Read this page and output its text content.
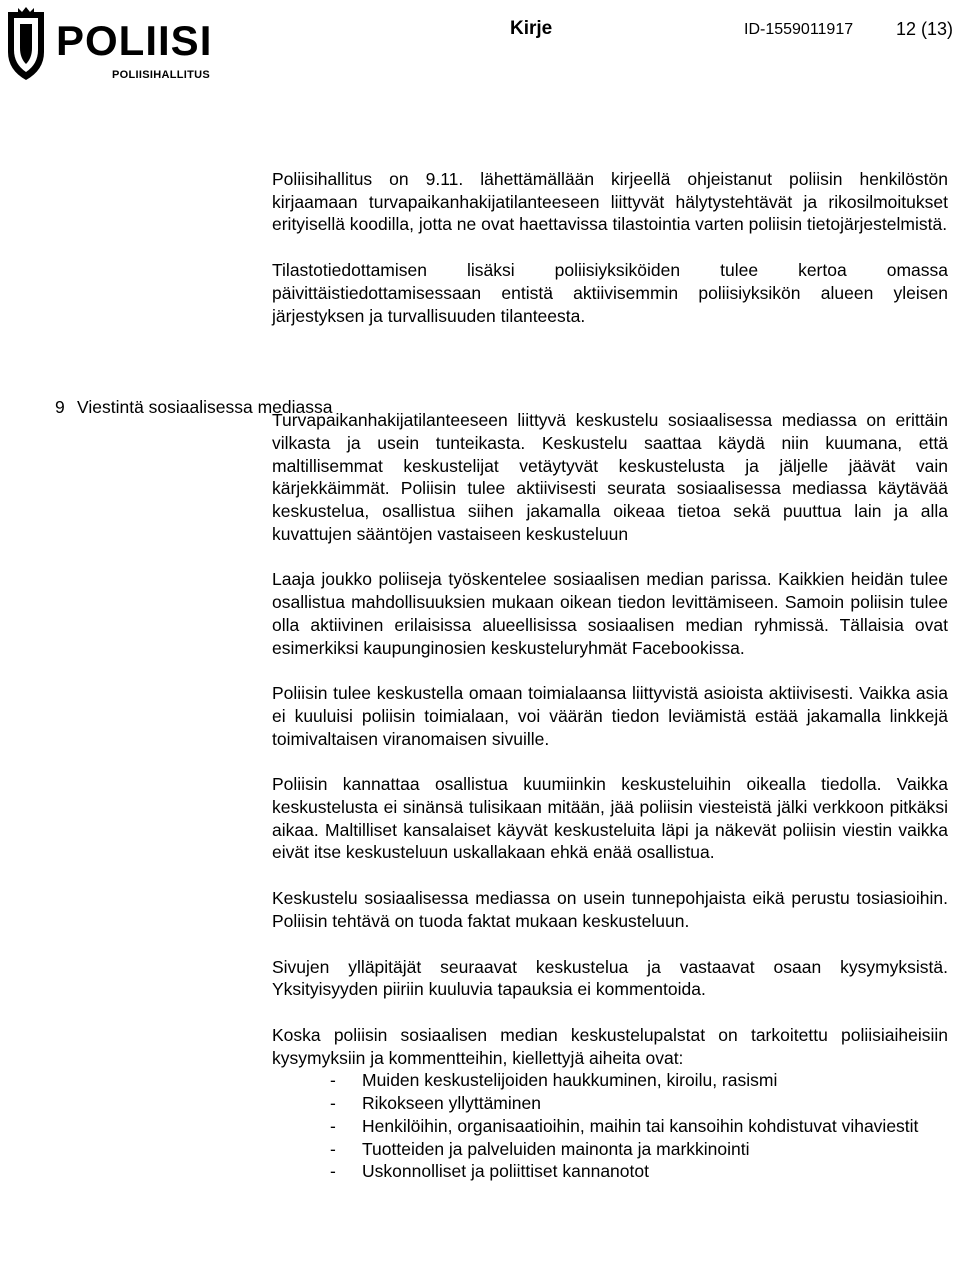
POLIISI
POLIISIHALLITUS
Kirje	ID-1559011917 12 (13)
9 Viestintä sosiaalisessa mediassa

Poliisihallitus on 9.11. lähettämällään kirjeellä ohjeistanut poliisin henkilöstön kirjaamaan turvapaikanhakijatilanteeseen liittyvät hälytystehtävät ja rikosilmoitukset erityisellä koodilla, jotta ne ovat haettavissa tilastointia varten poliisin tietojärjestelmistä.

Tilastotiedottamisen lisäksi poliisiyksiköiden tulee kertoa omassa päivittäistiedottamisessaan entistä aktiivisemmin poliisiyksikön alueen yleisen järjestyksen ja turvallisuuden tilanteesta.

Turvapaikanhakijatilanteeseen liittyvä keskustelu sosiaalisessa mediassa on erittäin vilkasta ja usein tunteikasta. Keskustelu saattaa käydä niin kuumana, että maltillisemmat keskustelijat vetäytyvät keskustelusta ja jäljelle jäävät vain kärjekkäimmät. Poliisin tulee aktiivisesti seurata sosiaalisessa mediassa käytävää keskustelua, osallistua siihen jakamalla oikeaa tietoa sekä puuttua lain ja alla kuvattujen sääntöjen vastaiseen keskusteluun

Laaja joukko poliiseja työskentelee sosiaalisen median parissa. Kaikkien heidän tulee osallistua mahdollisuuksien mukaan oikean tiedon levittämiseen. Samoin poliisin tulee olla aktiivinen erilaisissa alueellisissa sosiaalisen median ryhmissä. Tällaisia ovat esimerkiksi kaupunginosien keskusteluryhmät Facebookissa.

Poliisin tulee keskustella omaan toimialaansa liittyvistä asioista aktiivisesti. Vaikka asia ei kuuluisi poliisin toimialaan, voi väärän tiedon leviämistä estää jakamalla linkkejä toimivaltaisen viranomaisen sivuille.

Poliisin kannattaa osallistua kuumiinkin keskusteluihin oikealla tiedolla. Vaikka keskustelusta ei sinänsä tulisikaan mitään, jää poliisin viesteistä jälki verkkoon pitkäksi aikaa. Maltilliset kansalaiset käyvät keskusteluita läpi ja näkevät poliisin viestin vaikka eivät itse keskusteluun uskallakaan ehkä enää osallistua.

Keskustelu sosiaalisessa mediassa on usein tunnepohjaista eikä perustu tosiasioihin. Poliisin tehtävä on tuoda faktat mukaan keskusteluun.

Sivujen ylläpitäjät seuraavat keskustelua ja vastaavat osaan kysymyksistä. Yksityisyyden piiriin kuuluvia tapauksia ei kommentoida.

Koska poliisin sosiaalisen median keskustelupalstat on tarkoitettu poliisiaiheisiin kysymyksiin ja kommentteihin, kiellettyjä aiheita ovat:

- Muiden keskustelijoiden haukkuminen, kiroilu, rasismi
- Rikokseen yllyttäminen
- Henkilöihin, organisaatioihin, maihin tai kansoihin kohdistuvat vihaviestit
- Tuotteiden ja palveluiden mainonta ja markkinointi
- Uskonnolliset ja poliittiset kannanotot
